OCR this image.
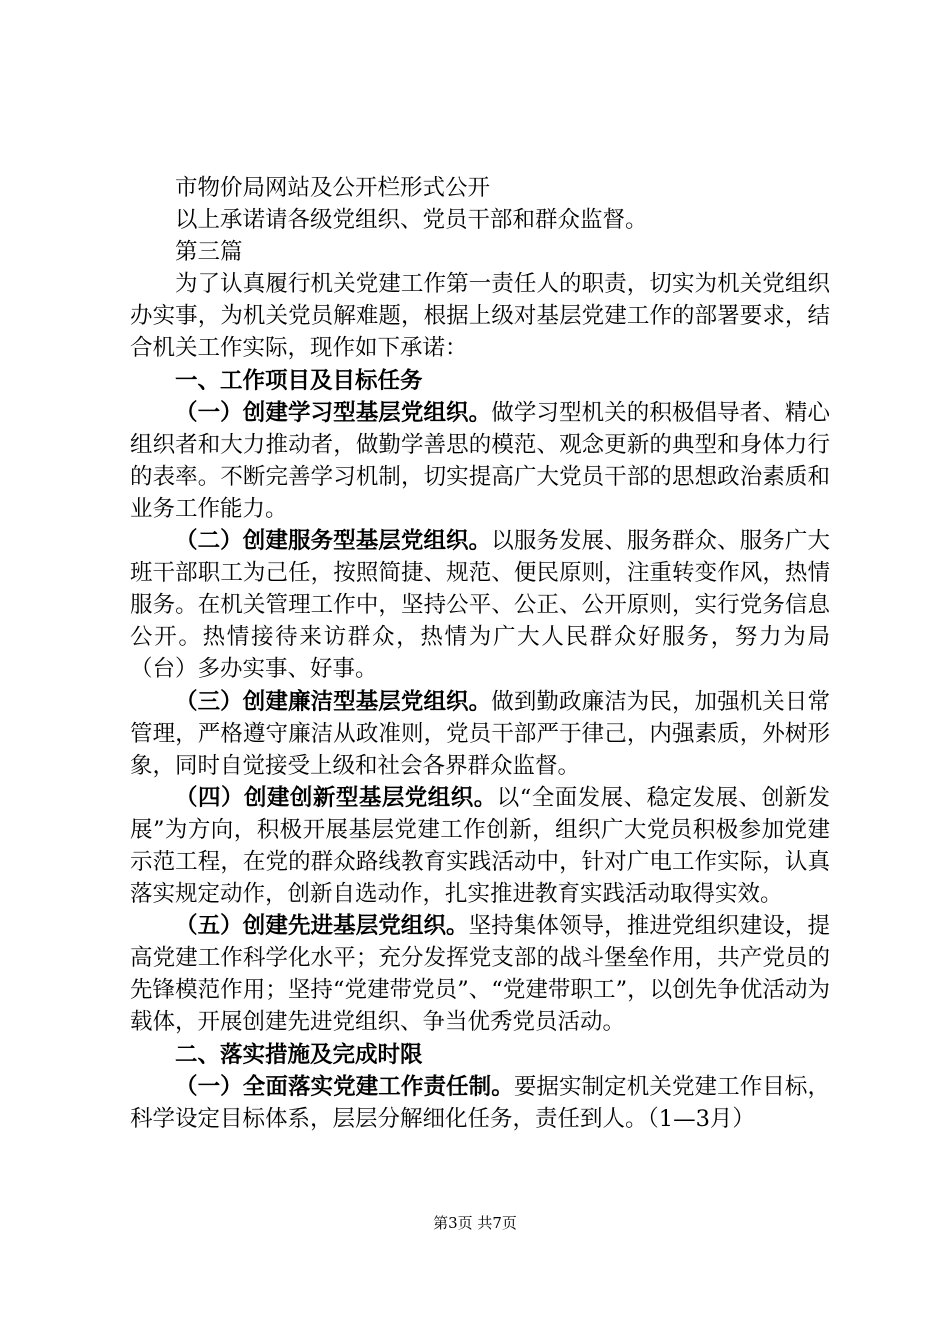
市物价局网站及公开栏形式公开

以上承诺请各级党组织、党员干部和群众监督。

第三篇

为了认真履行机关党建工作第一责任人的职责，切实为机关党组织办实事，为机关党员解难题，根据上级对基层党建工作的部署要求，结合机关工作实际，现作如下承诺：

一、工作项目及目标任务

（一）创建学习型基层党组织。做学习型机关的积极倡导者、精心组织者和大力推动者，做勤学善思的模范、观念更新的典型和身体力行的表率。不断完善学习机制，切实提高广大党员干部的思想政治素质和业务工作能力。

（二）创建服务型基层党组织。以服务发展、服务群众、服务广大班干部职工为己任，按照简捷、规范、便民原则，注重转变作风，热情服务。在机关管理工作中，坚持公平、公正、公开原则，实行党务信息公开。热情接待来访群众，热情为广大人民群众好服务，努力为局（台）多办实事、好事。

（三）创建廉洁型基层党组织。做到勤政廉洁为民，加强机关日常管理，严格遵守廉洁从政准则，党员干部严于律己，内强素质，外树形象，同时自觉接受上级和社会各界群众监督。

（四）创建创新型基层党组织。以“全面发展、稳定发展、创新发展”为方向，积极开展基层党建工作创新，组织广大党员积极参加党建示范工程，在党的群众路线教育实践活动中，针对广电工作实际，认真落实规定动作，创新自选动作，扎实推进教育实践活动取得实效。

（五）创建先进基层党组织。坚持集体领导，推进党组织建设，提高党建工作科学化水平；充分发挥党支部的战斗堡垒作用，共产党员的先锋模范作用；坚持“党建带党员”、“党建带职工”，以创先争优活动为载体，开展创建先进党组织、争当优秀党员活动。

二、落实措施及完成时限

（一）全面落实党建工作责任制。要据实制定机关党建工作目标，科学设定目标体系，层层分解细化任务，责任到人。（1—3月）

第3页 共7页
